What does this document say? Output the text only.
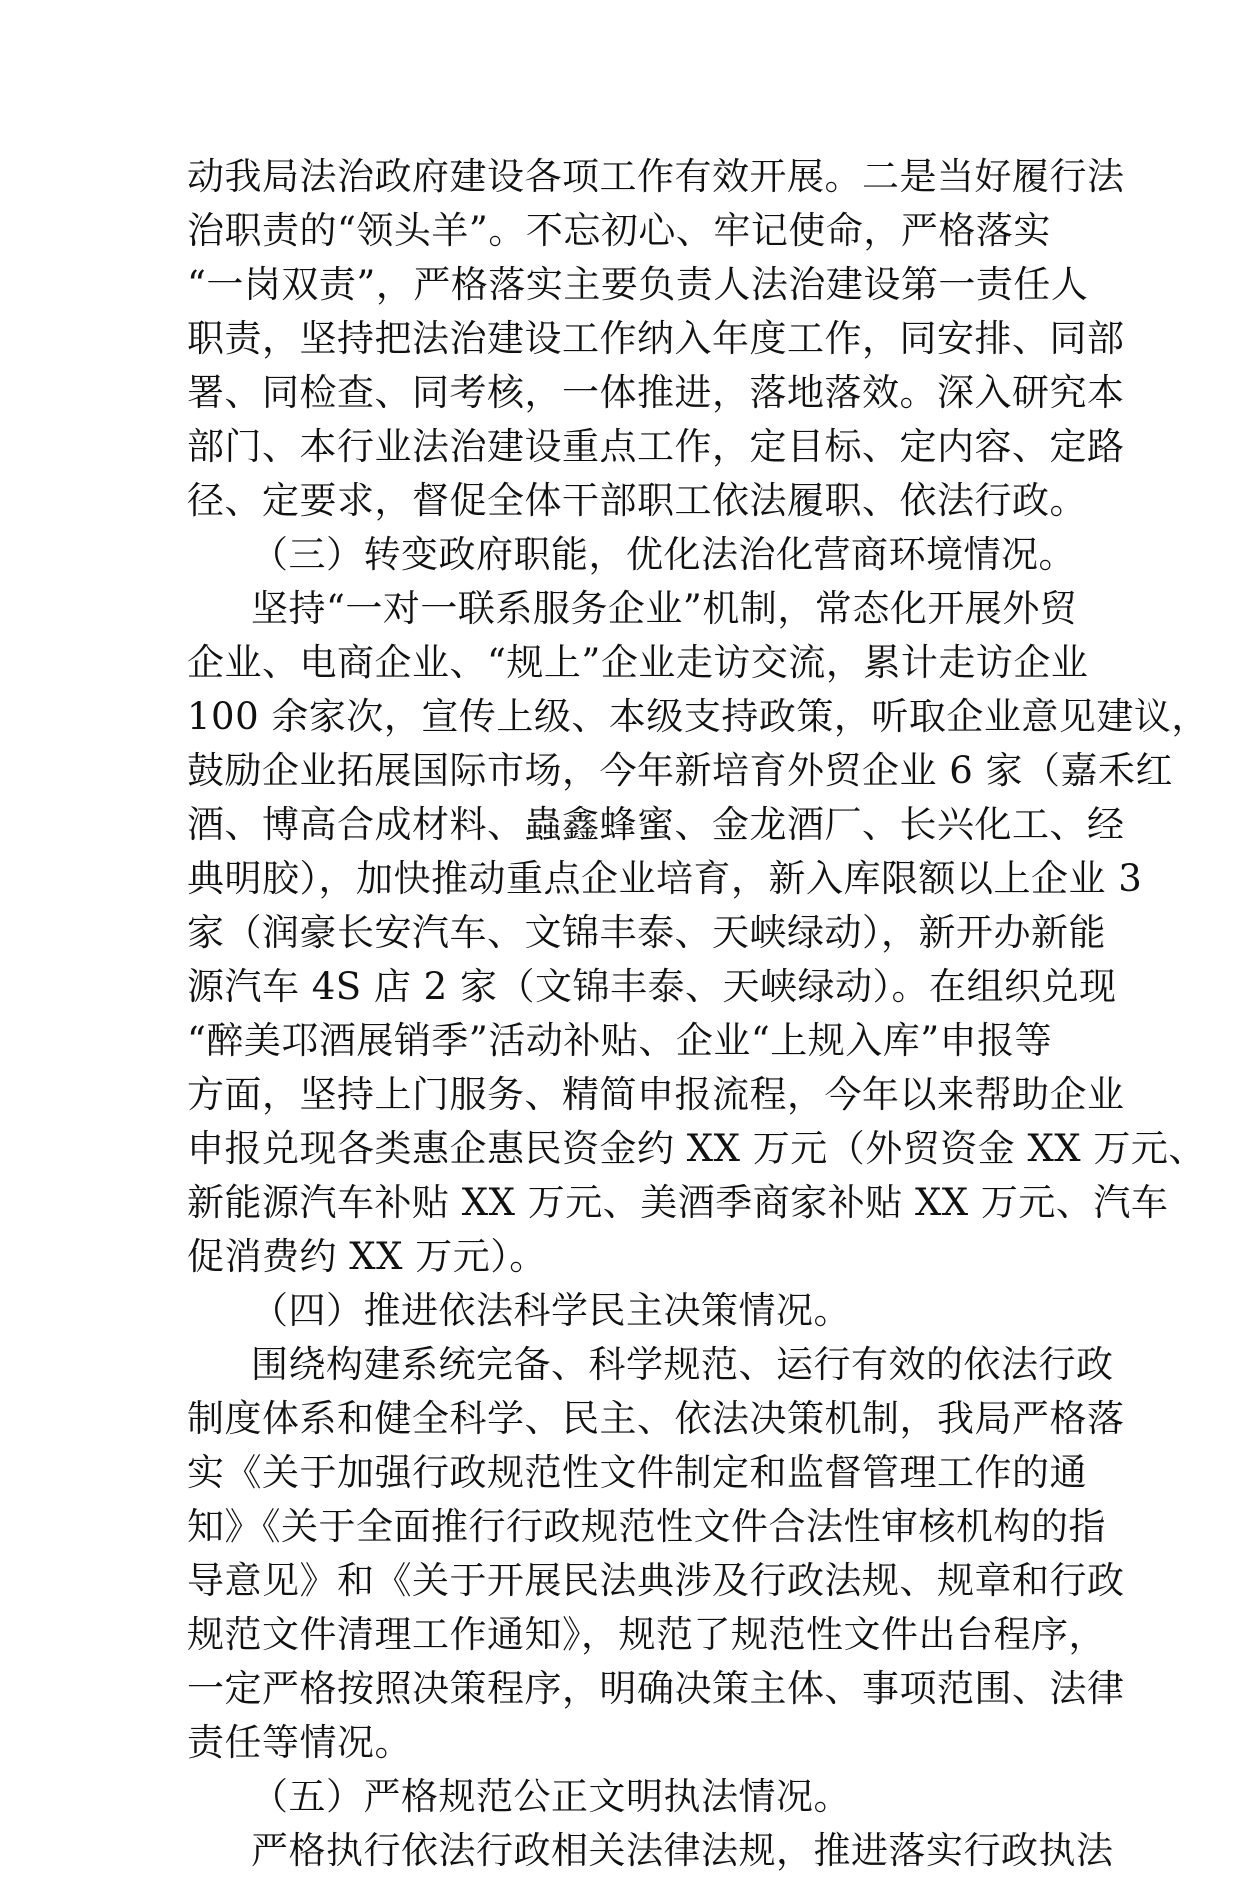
动我局法治政府建设各项工作有效开展。二是当好履行法
治职责的“领头羊”。不忘初心、牢记使命，严格落实
“一岗双责”，严格落实主要负责人法治建设第一责任人
职责，坚持把法治建设工作纳入年度工作，同安排、同部
署、同检查、同考核，一体推进，落地落效。深入研究本
部门、本行业法治建设重点工作，定目标、定内容、定路
径、定要求，督促全体干部职工依法履职、依法行政。
（三）转变政府职能，优化法治化营商环境情况。
坚持“一对一联系服务企业”机制，常态化开展外贸
企业、电商企业、“规上”企业走访交流，累计走访企业
100 余家次，宣传上级、本级支持政策，听取企业意见建议，
鼓励企业拓展国际市场，今年新培育外贸企业 6 家（嘉禾红
酒、博高合成材料、蟲鑫蜂蜜、金龙酒厂、长兴化工、经
典明胶），加快推动重点企业培育，新入库限额以上企业 3
家（润豪长安汽车、文锦丰泰、天峡绿动），新开办新能
源汽车 4S 店 2 家（文锦丰泰、天峡绿动）。在组织兑现
“醉美邛酒展销季”活动补贴、企业“上规入库”申报等
方面，坚持上门服务、精简申报流程，今年以来帮助企业
申报兑现各类惠企惠民资金约 XX 万元（外贸资金 XX 万元、
新能源汽车补贴 XX 万元、美酒季商家补贴 XX 万元、汽车
促消费约 XX 万元）。
（四）推进依法科学民主决策情况。
围绕构建系统完备、科学规范、运行有效的依法行政
制度体系和健全科学、民主、依法决策机制，我局严格落
实《关于加强行政规范性文件制定和监督管理工作的通
知》《关于全面推行行政规范性文件合法性审核机构的指
导意见》和《关于开展民法典涉及行政法规、规章和行政
规范文件清理工作通知》，规范了规范性文件出台程序，
一定严格按照决策程序，明确决策主体、事项范围、法律
责任等情况。
（五）严格规范公正文明执法情况。
严格执行依法行政相关法律法规，推进落实行政执法
